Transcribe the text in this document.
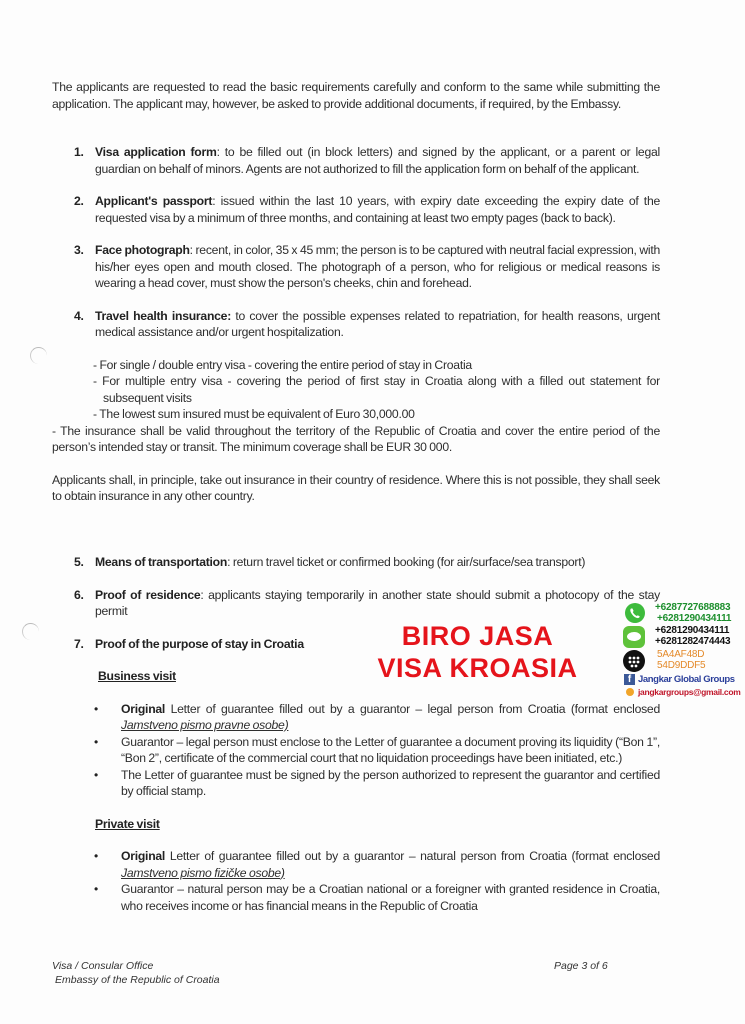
The applicants are requested to read the basic requirements carefully and conform to the same while submitting the application. The applicant may, however, be asked to provide additional documents, if required, by the Embassy.
1. Visa application form: to be filled out (in block letters) and signed by the applicant, or a parent or legal guardian on behalf of minors. Agents are not authorized to fill the application form on behalf of the applicant.
2. Applicant's passport: issued within the last 10 years, with expiry date exceeding the expiry date of the requested visa by a minimum of three months, and containing at least two empty pages (back to back).
3. Face photograph: recent, in color, 35 x 45 mm; the person is to be captured with neutral facial expression, with his/her eyes open and mouth closed. The photograph of a person, who for religious or medical reasons is wearing a head cover, must show the person's cheeks, chin and forehead.
4. Travel health insurance: to cover the possible expenses related to repatriation, for health reasons, urgent medical assistance and/or urgent hospitalization.
- For single / double entry visa - covering the entire period of stay in Croatia
- For multiple entry visa - covering the period of first stay in Croatia along with a filled out statement for subsequent visits
- The lowest sum insured must be equivalent of Euro 30,000.00
- The insurance shall be valid throughout the territory of the Republic of Croatia and cover the entire period of the person’s intended stay or transit. The minimum coverage shall be EUR 30 000.
Applicants shall, in principle, take out insurance in their country of residence. Where this is not possible, they shall seek to obtain insurance in any other country.
5. Means of transportation: return travel ticket or confirmed booking (for air/surface/sea transport)
6. Proof of residence: applicants staying temporarily in another state should submit a photocopy of the stay permit
7. Proof of the purpose of stay in Croatia
Business visit
• Original Letter of guarantee filled out by a guarantor – legal person from Croatia (format enclosed Jamstveno pismo pravne osobe)
• Guarantor – legal person must enclose to the Letter of guarantee a document proving its liquidity (“Bon 1”, “Bon 2”, certificate of the commercial court that no liquidation proceedings have been initiated, etc.)
• The Letter of guarantee must be signed by the person authorized to represent the guarantor and certified by official stamp.
Private visit
• Original Letter of guarantee filled out by a guarantor – natural person from Croatia (format enclosed Jamstveno pismo fizičke osobe)
• Guarantor – natural person may be a Croatian national or a foreigner with granted residence in Croatia, who receives income or has financial means in the Republic of Croatia
Visa / Consular Office
Embassy of the Republic of Croatia
Page 3 of 6
BIRO JASA
VISA KROASIA
+6287727688883
+6281290434111
+6281290434111
+6281282474443
5A4AF48D
54D9DDF5
f Jangkar Global Groups
jangkargroups@gmail.com
